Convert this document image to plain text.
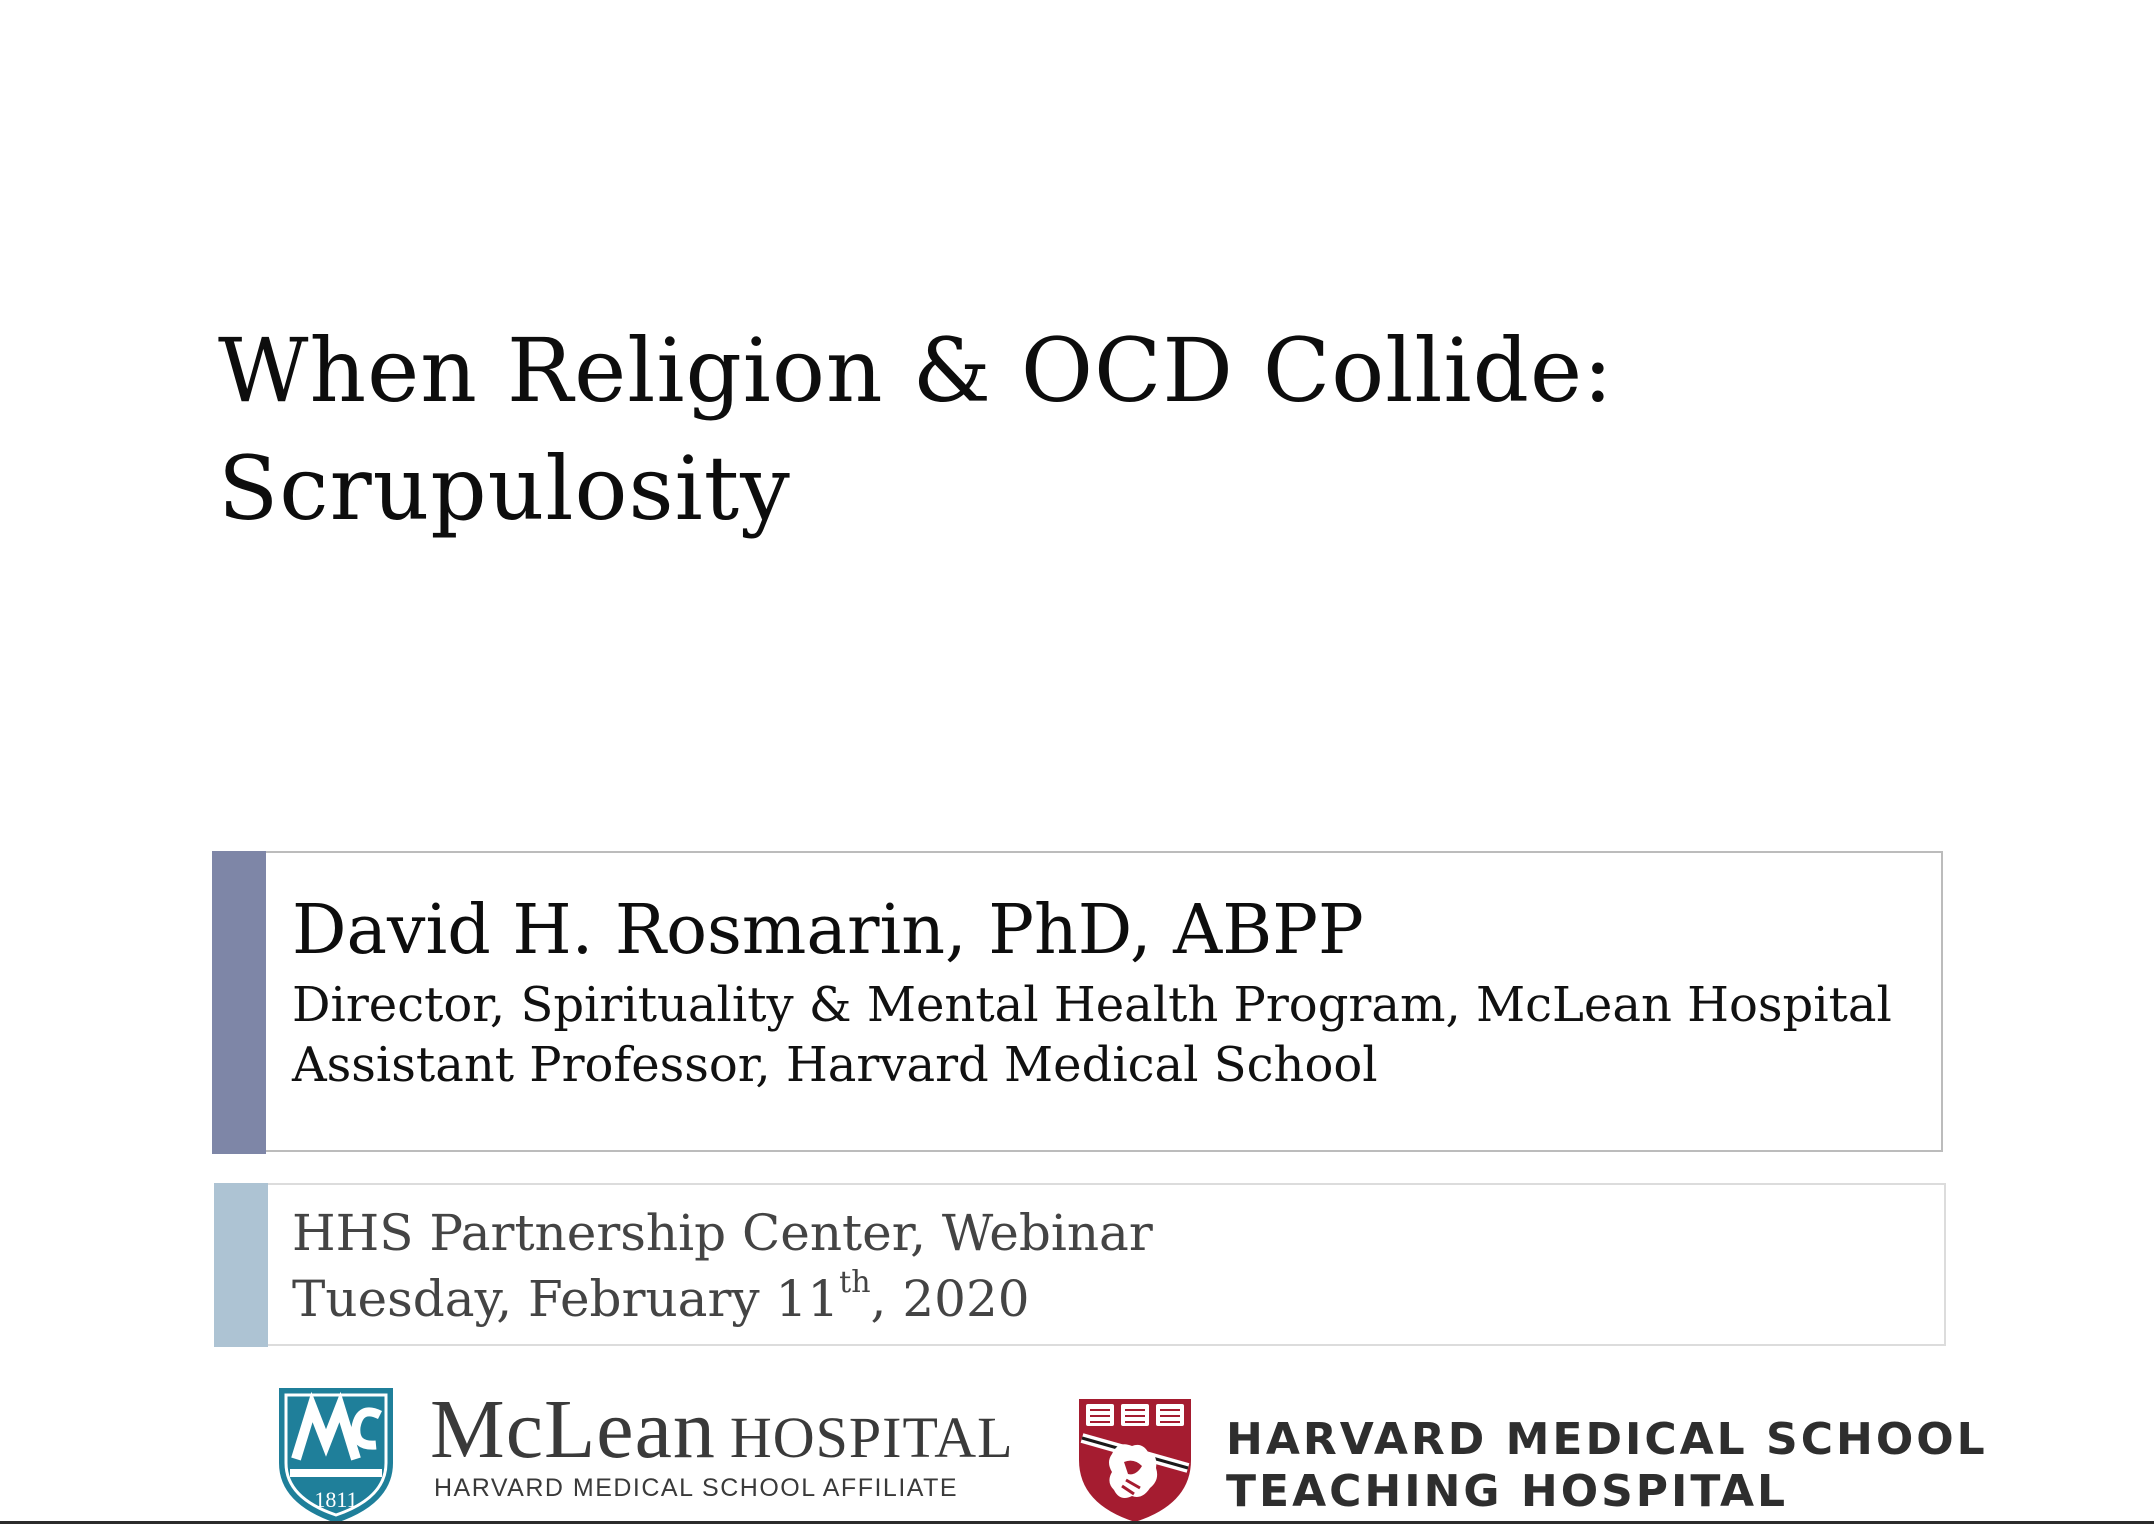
When Religion & OCD Collide:
Scrupulosity
David H. Rosmarin, PhD, ABPP
Director, Spirituality & Mental Health Program, McLean Hospital
Assistant Professor, Harvard Medical School
HHS Partnership Center, Webinar
Tuesday, February 11th, 2020
1811
McLean HOSPITAL
HARVARD MEDICAL SCHOOL AFFILIATE
HARVARD MEDICAL SCHOOL
TEACHING HOSPITAL
